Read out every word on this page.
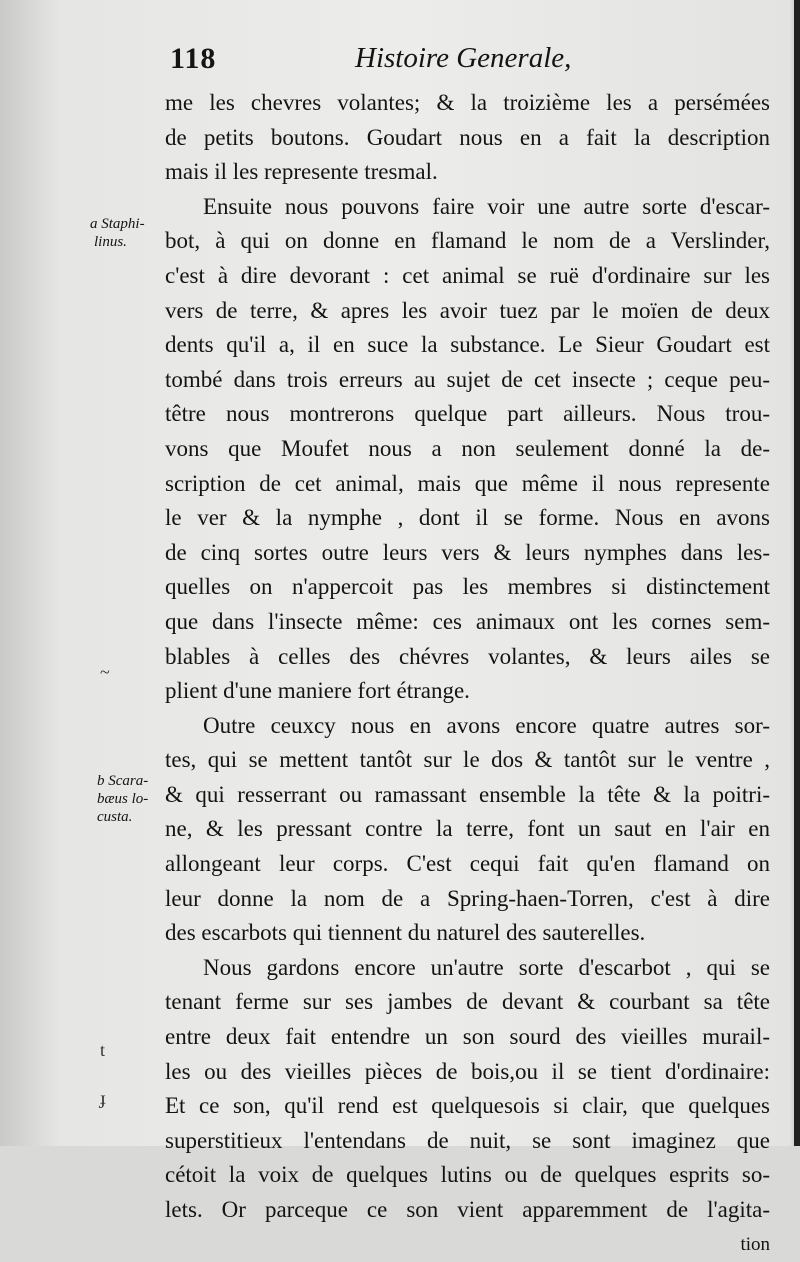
118	Histoire Generale,
me les chevres volantes; & la troizième les a persémées
de petits boutons. Goudart nous en a fait la description
mais il les represente tresmal.
Ensuite nous pouvons faire voir une autre sorte d'escar-
bot, à qui on donne en flamand le nom de a Verslinder,
c'est à dire devorant : cet animal se ruë d'ordinaire sur les
vers de terre, & apres les avoir tuez par le moïen de deux
dents qu'il a, il en suce la substance. Le Sieur Goudart est
tombé dans trois erreurs au sujet de cet insecte ; ceque peu-
têtre nous montrerons quelque part ailleurs. Nous trou-
vons que Moufet nous a non seulement donné la de-
scription de cet animal, mais que même il nous represente
le ver & la nymphe , dont il se forme. Nous en avons
de cinq sortes outre leurs vers & leurs nymphes dans les-
quelles on n'appercoit pas les membres si distinctement
que dans l'insecte même: ces animaux ont les cornes sem-
blables à celles des chévres volantes, & leurs ailes se
plient d'une maniere fort étrange.
Outre ceuxcy nous en avons encore quatre autres sor-
tes, qui se mettent tantôt sur le dos & tantôt sur le ventre ,
& qui resserrant ou ramassant ensemble la tête & la poitri-
ne, & les pressant contre la terre, font un saut en l'air en
allongeant leur corps. C'est cequi fait qu'en flamand on
leur donne la nom de a Spring-haen-Torren, c'est à dire
des escarbots qui tiennent du naturel des sauterelles.
Nous gardons encore un'autre sorte d'escarbot , qui se
tenant ferme sur ses jambes de devant & courbant sa tête
entre deux fait entendre un son sourd des vieilles murail-
les ou des vieilles pièces de bois,ou il se tient d'ordinaire:
Et ce son, qu'il rend est quelquesois si clair, que quelques
superstitieux l'entendans de nuit, se sont imaginez que
cétoit la voix de quelques lutins ou de quelques esprits so-
lets. Or parceque ce son vient apparemment de l'agita-
tion
a Staphi-
linus.
b Scara-
bæus lo-
custa.
~
t
ɟ
